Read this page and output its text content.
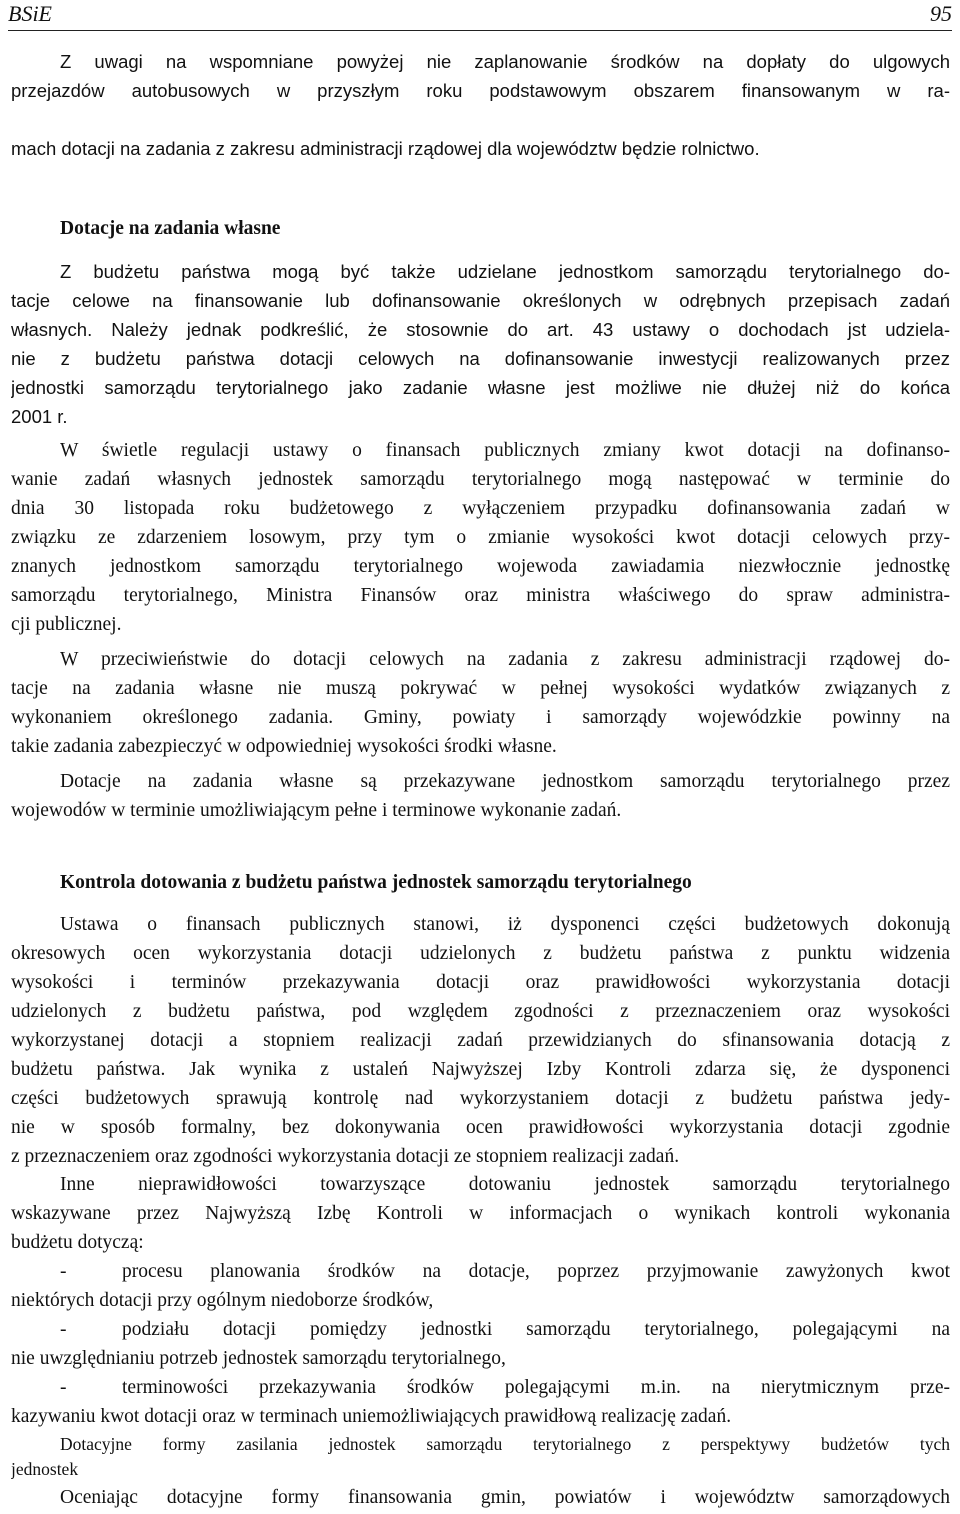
BSiE	95
Z uwagi na wspomniane powyżej nie zaplanowanie środków na dopłaty do ulgowych
przejazdów autobusowych w przyszłym roku podstawowym obszarem finansowanym w ra-
mach dotacji na zadania z zakresu administracji rządowej dla województw będzie rolnictwo.
Dotacje na zadania własne
Z budżetu państwa mogą być także udzielane jednostkom samorządu terytorialnego do-
tacje celowe na finansowanie lub dofinansowanie określonych w odrębnych przepisach zadań
własnych. Należy jednak podkreślić, że stosownie do art. 43 ustawy o dochodach jst udziela-
nie z budżetu państwa dotacji celowych na dofinansowanie inwestycji realizowanych przez
jednostki samorządu terytorialnego jako zadanie własne jest możliwe nie dłużej niż do końca
2001 r.
W świetle regulacji ustawy o finansach publicznych zmiany kwot dotacji na dofinanso-
wanie zadań własnych jednostek samorządu terytorialnego mogą następować w terminie do
dnia 30 listopada roku budżetowego z wyłączeniem przypadku dofinansowania zadań w
związku ze zdarzeniem losowym, przy tym o zmianie wysokości kwot dotacji celowych przy-
znanych jednostkom samorządu terytorialnego wojewoda zawiadamia niezwłocznie jednostkę
samorządu terytorialnego, Ministra Finansów oraz ministra właściwego do spraw administra-
cji publicznej.
W przeciwieństwie do dotacji celowych na zadania z zakresu administracji rządowej do-
tacje na zadania własne nie muszą pokrywać w pełnej wysokości wydatków związanych z
wykonaniem określonego zadania. Gminy, powiaty i samorządy wojewódzkie powinny na
takie zadania zabezpieczyć w odpowiedniej wysokości środki własne.
Dotacje na zadania własne są przekazywane jednostkom samorządu terytorialnego przez
wojewodów w terminie umożliwiającym pełne i terminowe wykonanie zadań.
Kontrola dotowania z budżetu państwa jednostek samorządu terytorialnego
Ustawa o finansach publicznych stanowi, iż dysponenci części budżetowych dokonują
okresowych ocen wykorzystania dotacji udzielonych z budżetu państwa z punktu widzenia
wysokości i terminów przekazywania dotacji oraz prawidłowości wykorzystania dotacji
udzielonych z budżetu państwa, pod względem zgodności z przeznaczeniem oraz wysokości
wykorzystanej dotacji a stopniem realizacji zadań przewidzianych do sfinansowania dotacją z
budżetu państwa. Jak wynika z ustaleń Najwyższej Izby Kontroli zdarza się, że dysponenci
części budżetowych sprawują kontrolę nad wykorzystaniem dotacji z budżetu państwa jedy-
nie w sposób formalny, bez dokonywania ocen prawidłowości wykorzystania dotacji zgodnie
z przeznaczeniem oraz zgodności wykorzystania dotacji ze stopniem realizacji zadań.
Inne nieprawidłowości towarzyszące dotowaniu jednostek samorządu terytorialnego
wskazywane przez Najwyższą Izbę Kontroli w informacjach o wynikach kontroli wykonania
budżetu dotyczą:
-	procesu planowania środków na dotacje, poprzez przyjmowanie zawyżonych kwot
niektórych dotacji przy ogólnym niedoborze środków,
-	podziału dotacji pomiędzy jednostki samorządu terytorialnego, polegającymi na
nie uwzględnianiu potrzeb jednostek samorządu terytorialnego,
-	terminowości przekazywania środków polegającymi m.in. na nierytmicznym prze-
kazywaniu kwot dotacji oraz w terminach uniemożliwiających prawidłową realizację zadań.
Dotacyjne formy zasilania jednostek samorządu terytorialnego z perspektywy budżetów tych
jednostek
Oceniając dotacyjne formy finansowania gmin, powiatów i województw samorządowych
